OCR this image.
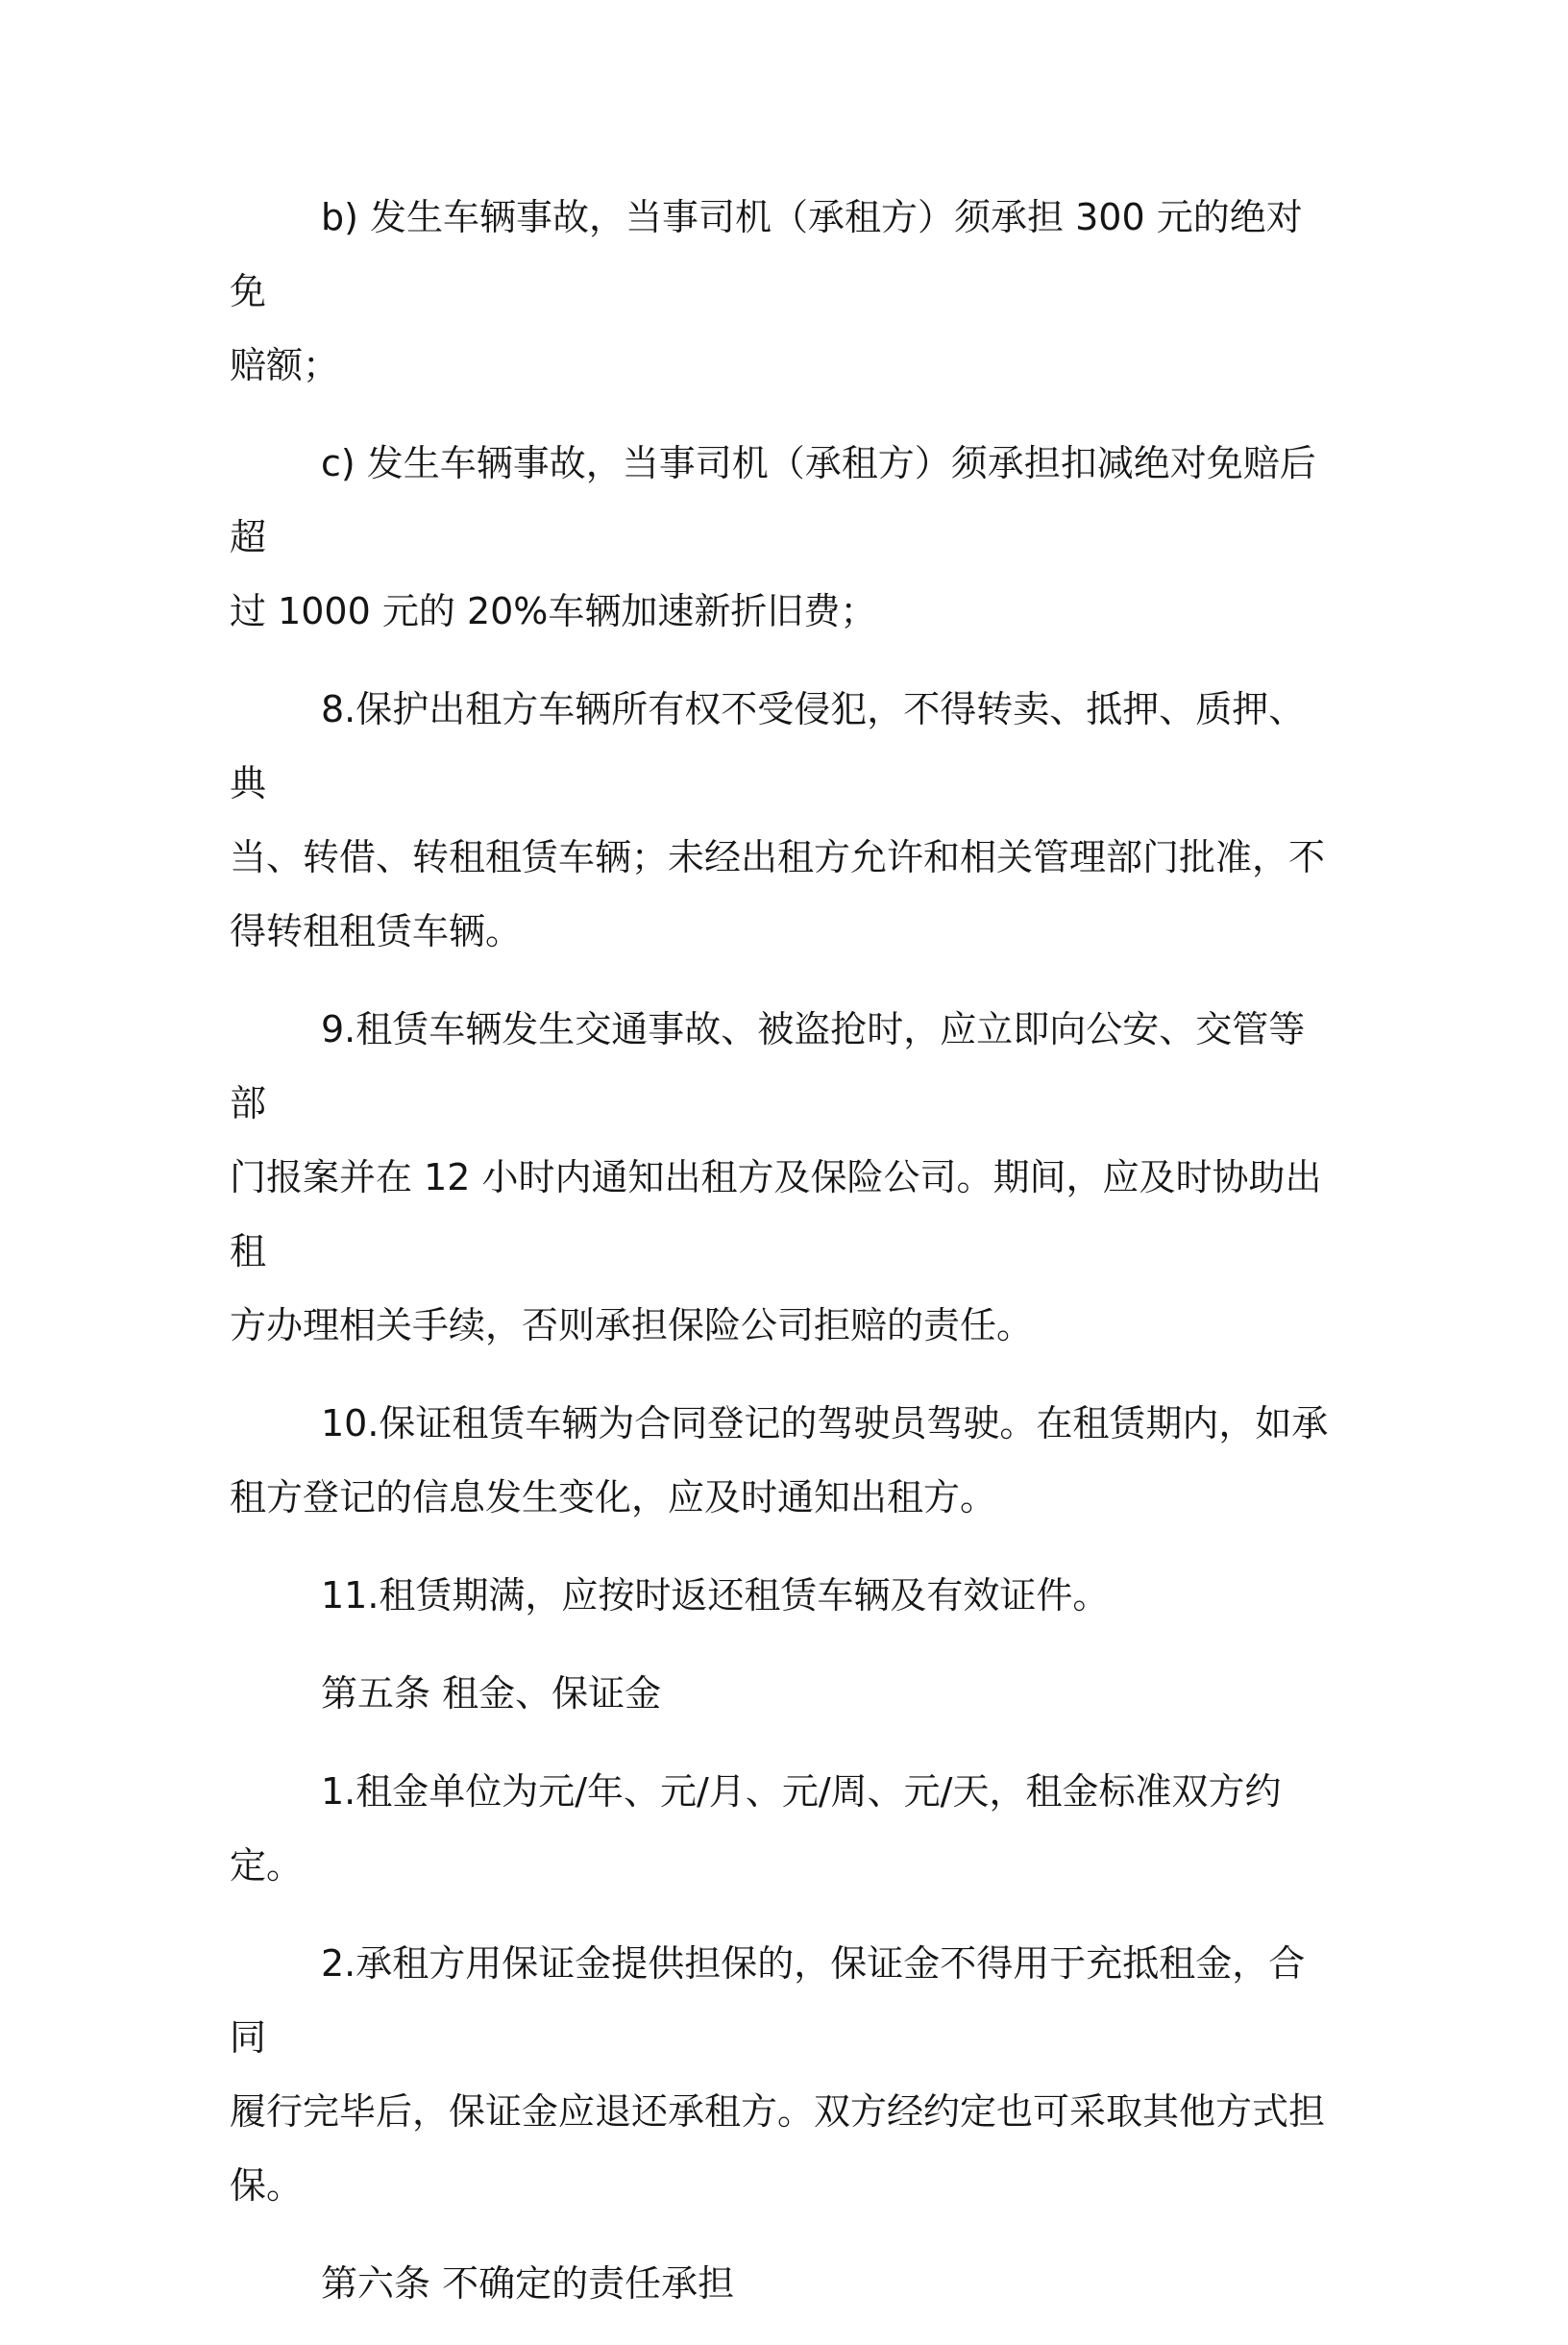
b) 发生车辆事故，当事司机（承租方）须承担 300 元的绝对免
赔额；

c) 发生车辆事故，当事司机（承租方）须承担扣减绝对免赔后超
过 1000 元的 20%车辆加速新折旧费；

8.保护出租方车辆所有权不受侵犯，不得转卖、抵押、质押、典
当、转借、转租租赁车辆；未经出租方允许和相关管理部门批准，不
得转租租赁车辆。

9.租赁车辆发生交通事故、被盗抢时，应立即向公安、交管等部
门报案并在 12 小时内通知出租方及保险公司。期间，应及时协助出租
方办理相关手续，否则承担保险公司拒赔的责任。

10.保证租赁车辆为合同登记的驾驶员驾驶。在租赁期内，如承
租方登记的信息发生变化，应及时通知出租方。

11.租赁期满，应按时返还租赁车辆及有效证件。

第五条 租金、保证金

1.租金单位为元/年、元/月、元/周、元/天，租金标准双方约定。

2.承租方用保证金提供担保的，保证金不得用于充抵租金，合同
履行完毕后，保证金应退还承租方。双方经约定也可采取其他方式担
保。

第六条 不确定的责任承担
